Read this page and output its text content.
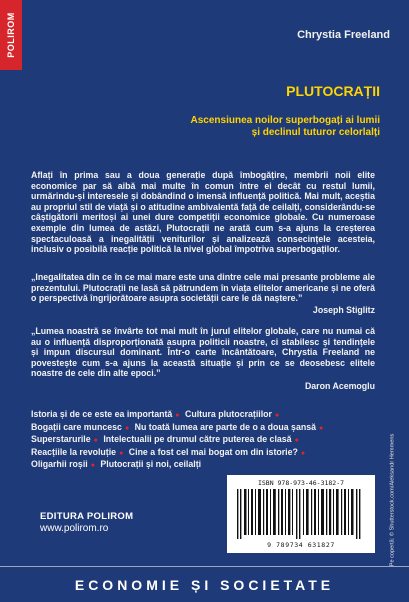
POLIROM	Chrystia Freeland
PLUTOCRAȚII
Ascensiunea noilor superbogați ai lumii
și declinul tuturor celorlalți

Aflați în prima sau a doua generație după îmbogățire, membrii noii elite economice par să aibă mai multe în comun între ei decât cu restul lumii, urmărindu-și interesele și dobândind o imensă influență politică. Mai mult, aceștia au propriul stil de viață și o atitudine ambivalentă față de ceilalți, considerându-se câștigătorii meritoși ai unei dure competiții economice globale. Cu numeroase exemple din lumea de astăzi, Plutocrații ne arată cum s-a ajuns la creșterea spectaculoasă a inegalității veniturilor și analizează consecințele acesteia, inclusiv o posibilă reacție politică la nivel global împotriva superbogaților.

„Inegalitatea din ce în ce mai mare este una dintre cele mai presante probleme ale prezentului. Plutocrații ne lasă să pătrundem în viața elitelor americane și ne oferă o perspectivă îngrijorătoare asupra societății care le dă naștere.”

Joseph Stiglitz

„Lumea noastră se învârte tot mai mult în jurul elitelor globale, care nu numai că au o influență disproporționată asupra politicii noastre, ci stabilesc și tendințele și impun discursul dominant. Într-o carte încântătoare, Chrystia Freeland ne povestește cum s-a ajuns la această situație și prin ce se deosebesc elitele noastre de cele din alte epoci.”

Daron Acemoglu

Istoria și de ce este ea importantă ● Cultura plutocrațiilor ● Bogații care muncesc ● Nu toată lumea are parte de o a doua șansă ● Superstarurile ● Intelectualii pe drumul către puterea de clasă ● Reacțiile la revoluție ● Cine a fost cel mai bogat om din istorie? ● Oligarhii roșii ● Plutocrații și noi, ceilalți	Pe copertă: © Shutterstock.com/Aleksandr Hemmens
ISBN 978-973-46-3182-7
9 789734 631827
EDITURA POLIROM
www.polirom.ro
ECONOMIE ȘI SOCIETATE
